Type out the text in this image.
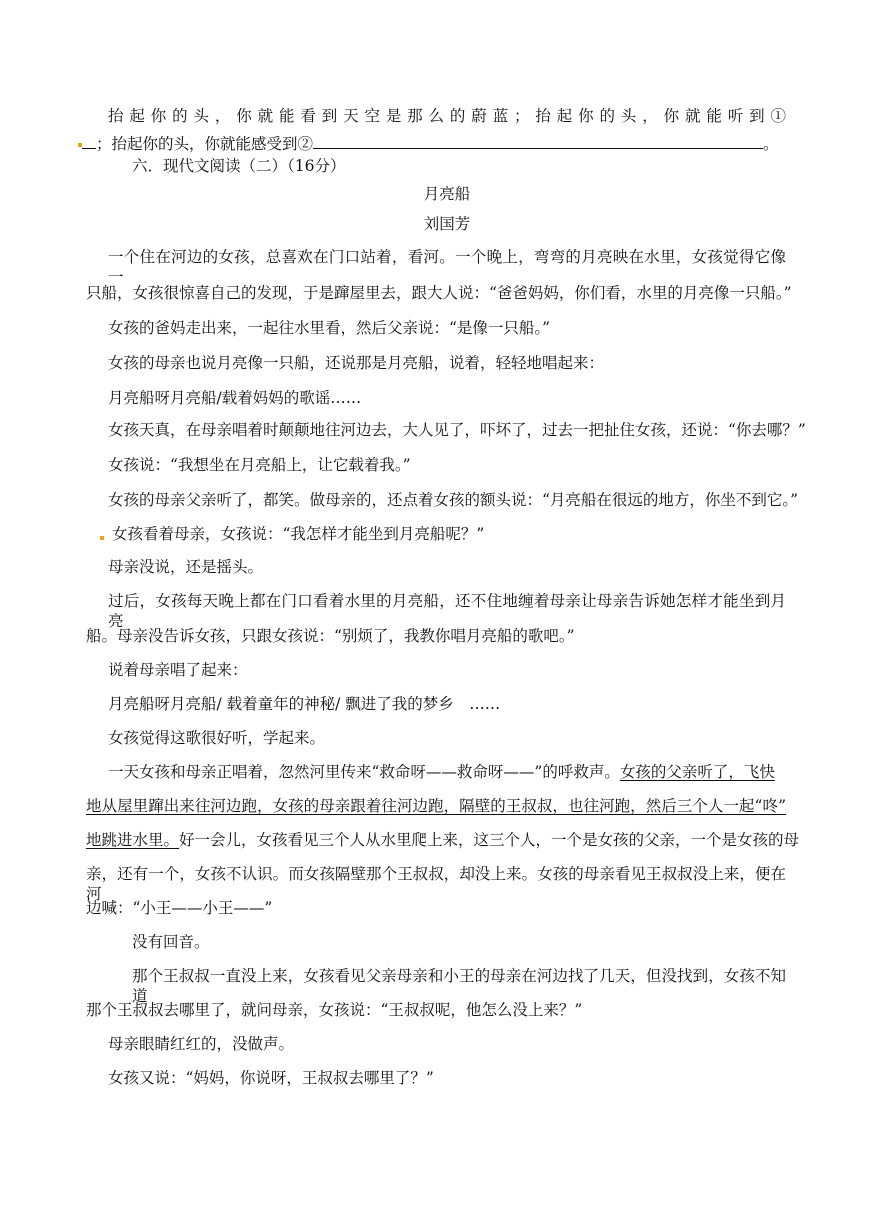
抬起你的头，你就能看到天空是那么的蔚蓝；抬起你的头，你就能听到①
；抬起你的头，你就能感受到②	。
六．现代文阅读（二）（16分）
月亮船
刘国芳
一个住在河边的女孩，总喜欢在门口站着，看河。一个晚上，弯弯的月亮映在水里，女孩觉得它像一
只船，女孩很惊喜自己的发现，于是蹿屋里去，跟大人说：“爸爸妈妈，你们看，水里的月亮像一只船。”
女孩的爸妈走出来，一起往水里看，然后父亲说：“是像一只船。”
女孩的母亲也说月亮像一只船，还说那是月亮船，说着，轻轻地唱起来：
月亮船呀月亮船/载着妈妈的歌谣……
女孩天真，在母亲唱着时颠颠地往河边去，大人见了，吓坏了，过去一把扯住女孩，还说：“你去哪？”
女孩说：“我想坐在月亮船上，让它载着我。”
女孩的母亲父亲听了，都笑。做母亲的，还点着女孩的额头说：“月亮船在很远的地方，你坐不到它。”
女孩看着母亲，女孩说：“我怎样才能坐到月亮船呢？”
母亲没说，还是摇头。
过后，女孩每天晚上都在门口看着水里的月亮船，还不住地缠着母亲让母亲告诉她怎样才能坐到月亮
船。母亲没告诉女孩，只跟女孩说：“别烦了，我教你唱月亮船的歌吧。”
说着母亲唱了起来：
月亮船呀月亮船/ 载着童年的神秘/ 飘进了我的梦乡　……
女孩觉得这歌很好听，学起来。
一天女孩和母亲正唱着，忽然河里传来“救命呀——救命呀——”的呼救声。女孩的父亲听了，飞快
地从屋里蹿出来往河边跑，女孩的母亲跟着往河边跑，隔壁的王叔叔，也往河跑，然后三个人一起“咚”
地跳进水里。好一会儿，女孩看见三个人从水里爬上来，这三个人，一个是女孩的父亲，一个是女孩的母
亲，还有一个，女孩不认识。而女孩隔壁那个王叔叔，却没上来。女孩的母亲看见王叔叔没上来，便在河
边喊：“小王——小王——”
没有回音。
那个王叔叔一直没上来，女孩看见父亲母亲和小王的母亲在河边找了几天，但没找到，女孩不知道
那个王叔叔去哪里了，就问母亲，女孩说：“王叔叔呢，他怎么没上来？”
母亲眼睛红红的，没做声。
女孩又说：“妈妈，你说呀，王叔叔去哪里了？”
